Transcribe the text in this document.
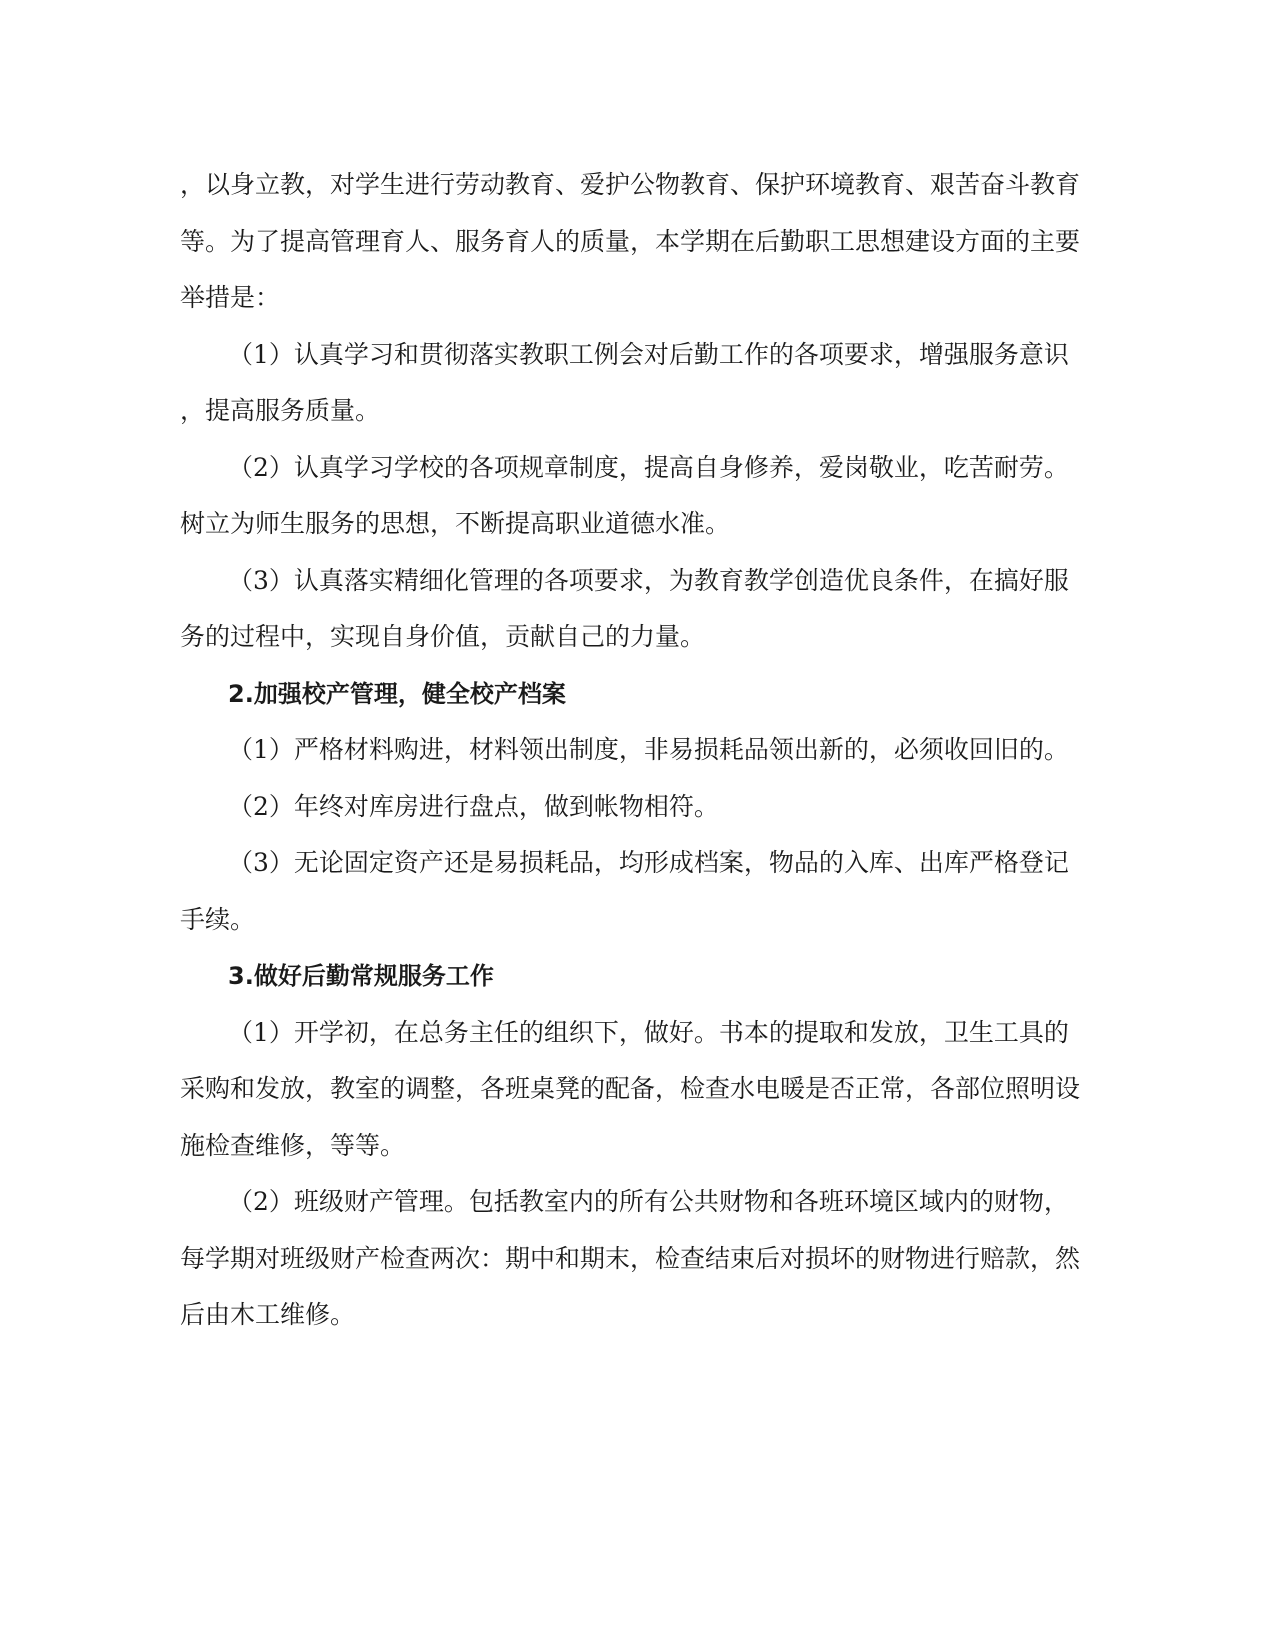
，以身立教，对学生进行劳动教育、爱护公物教育、保护环境教育、艰苦奋斗教育

等。为了提高管理育人、服务育人的质量，本学期在后勤职工思想建设方面的主要

举措是：

（1）认真学习和贯彻落实教职工例会对后勤工作的各项要求，增强服务意识

，提高服务质量。

（2）认真学习学校的各项规章制度，提高自身修养，爱岗敬业，吃苦耐劳。

树立为师生服务的思想，不断提高职业道德水准。

（3）认真落实精细化管理的各项要求，为教育教学创造优良条件，在搞好服

务的过程中，实现自身价值，贡献自己的力量。

2.加强校产管理，健全校产档案

（1）严格材料购进，材料领出制度，非易损耗品领出新的，必须收回旧的。

（2）年终对库房进行盘点，做到帐物相符。

（3）无论固定资产还是易损耗品，均形成档案，物品的入库、出库严格登记

手续。

3.做好后勤常规服务工作

（1）开学初，在总务主任的组织下，做好。书本的提取和发放，卫生工具的

采购和发放，教室的调整，各班桌凳的配备，检查水电暖是否正常，各部位照明设

施检查维修，等等。

（2）班级财产管理。包括教室内的所有公共财物和各班环境区域内的财物，

每学期对班级财产检查两次：期中和期末，检查结束后对损坏的财物进行赔款，然

后由木工维修。
